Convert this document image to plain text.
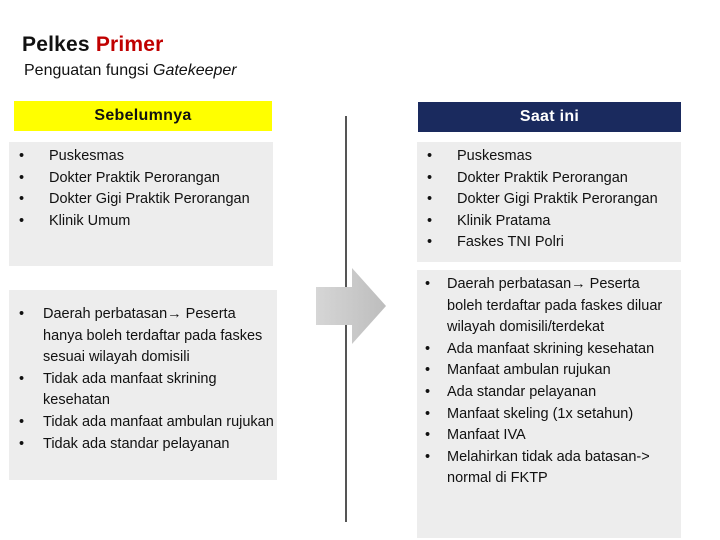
Pelkes Primer
Penguatan fungsi Gatekeeper
Sebelumnya	Saat ini
• Puskesmas
• Dokter Praktik Perorangan
• Dokter Gigi Praktik Perorangan
• Klinik Umum
• Daerah perbatasan→ Peserta hanya boleh terdaftar pada faskes sesuai wilayah domisili
• Tidak ada manfaat skrining kesehatan
• Tidak ada manfaat ambulan rujukan
• Tidak ada standar pelayanan
• Puskesmas
• Dokter Praktik Perorangan
• Dokter Gigi Praktik Perorangan
• Klinik Pratama
• Faskes TNI Polri
• Daerah perbatasan→ Peserta boleh terdaftar pada faskes diluar wilayah domisili/terdekat
• Ada manfaat skrining kesehatan
• Manfaat ambulan rujukan
• Ada standar pelayanan
• Manfaat skeling (1x setahun)
• Manfaat IVA
• Melahirkan tidak ada batasan-> normal di FKTP
